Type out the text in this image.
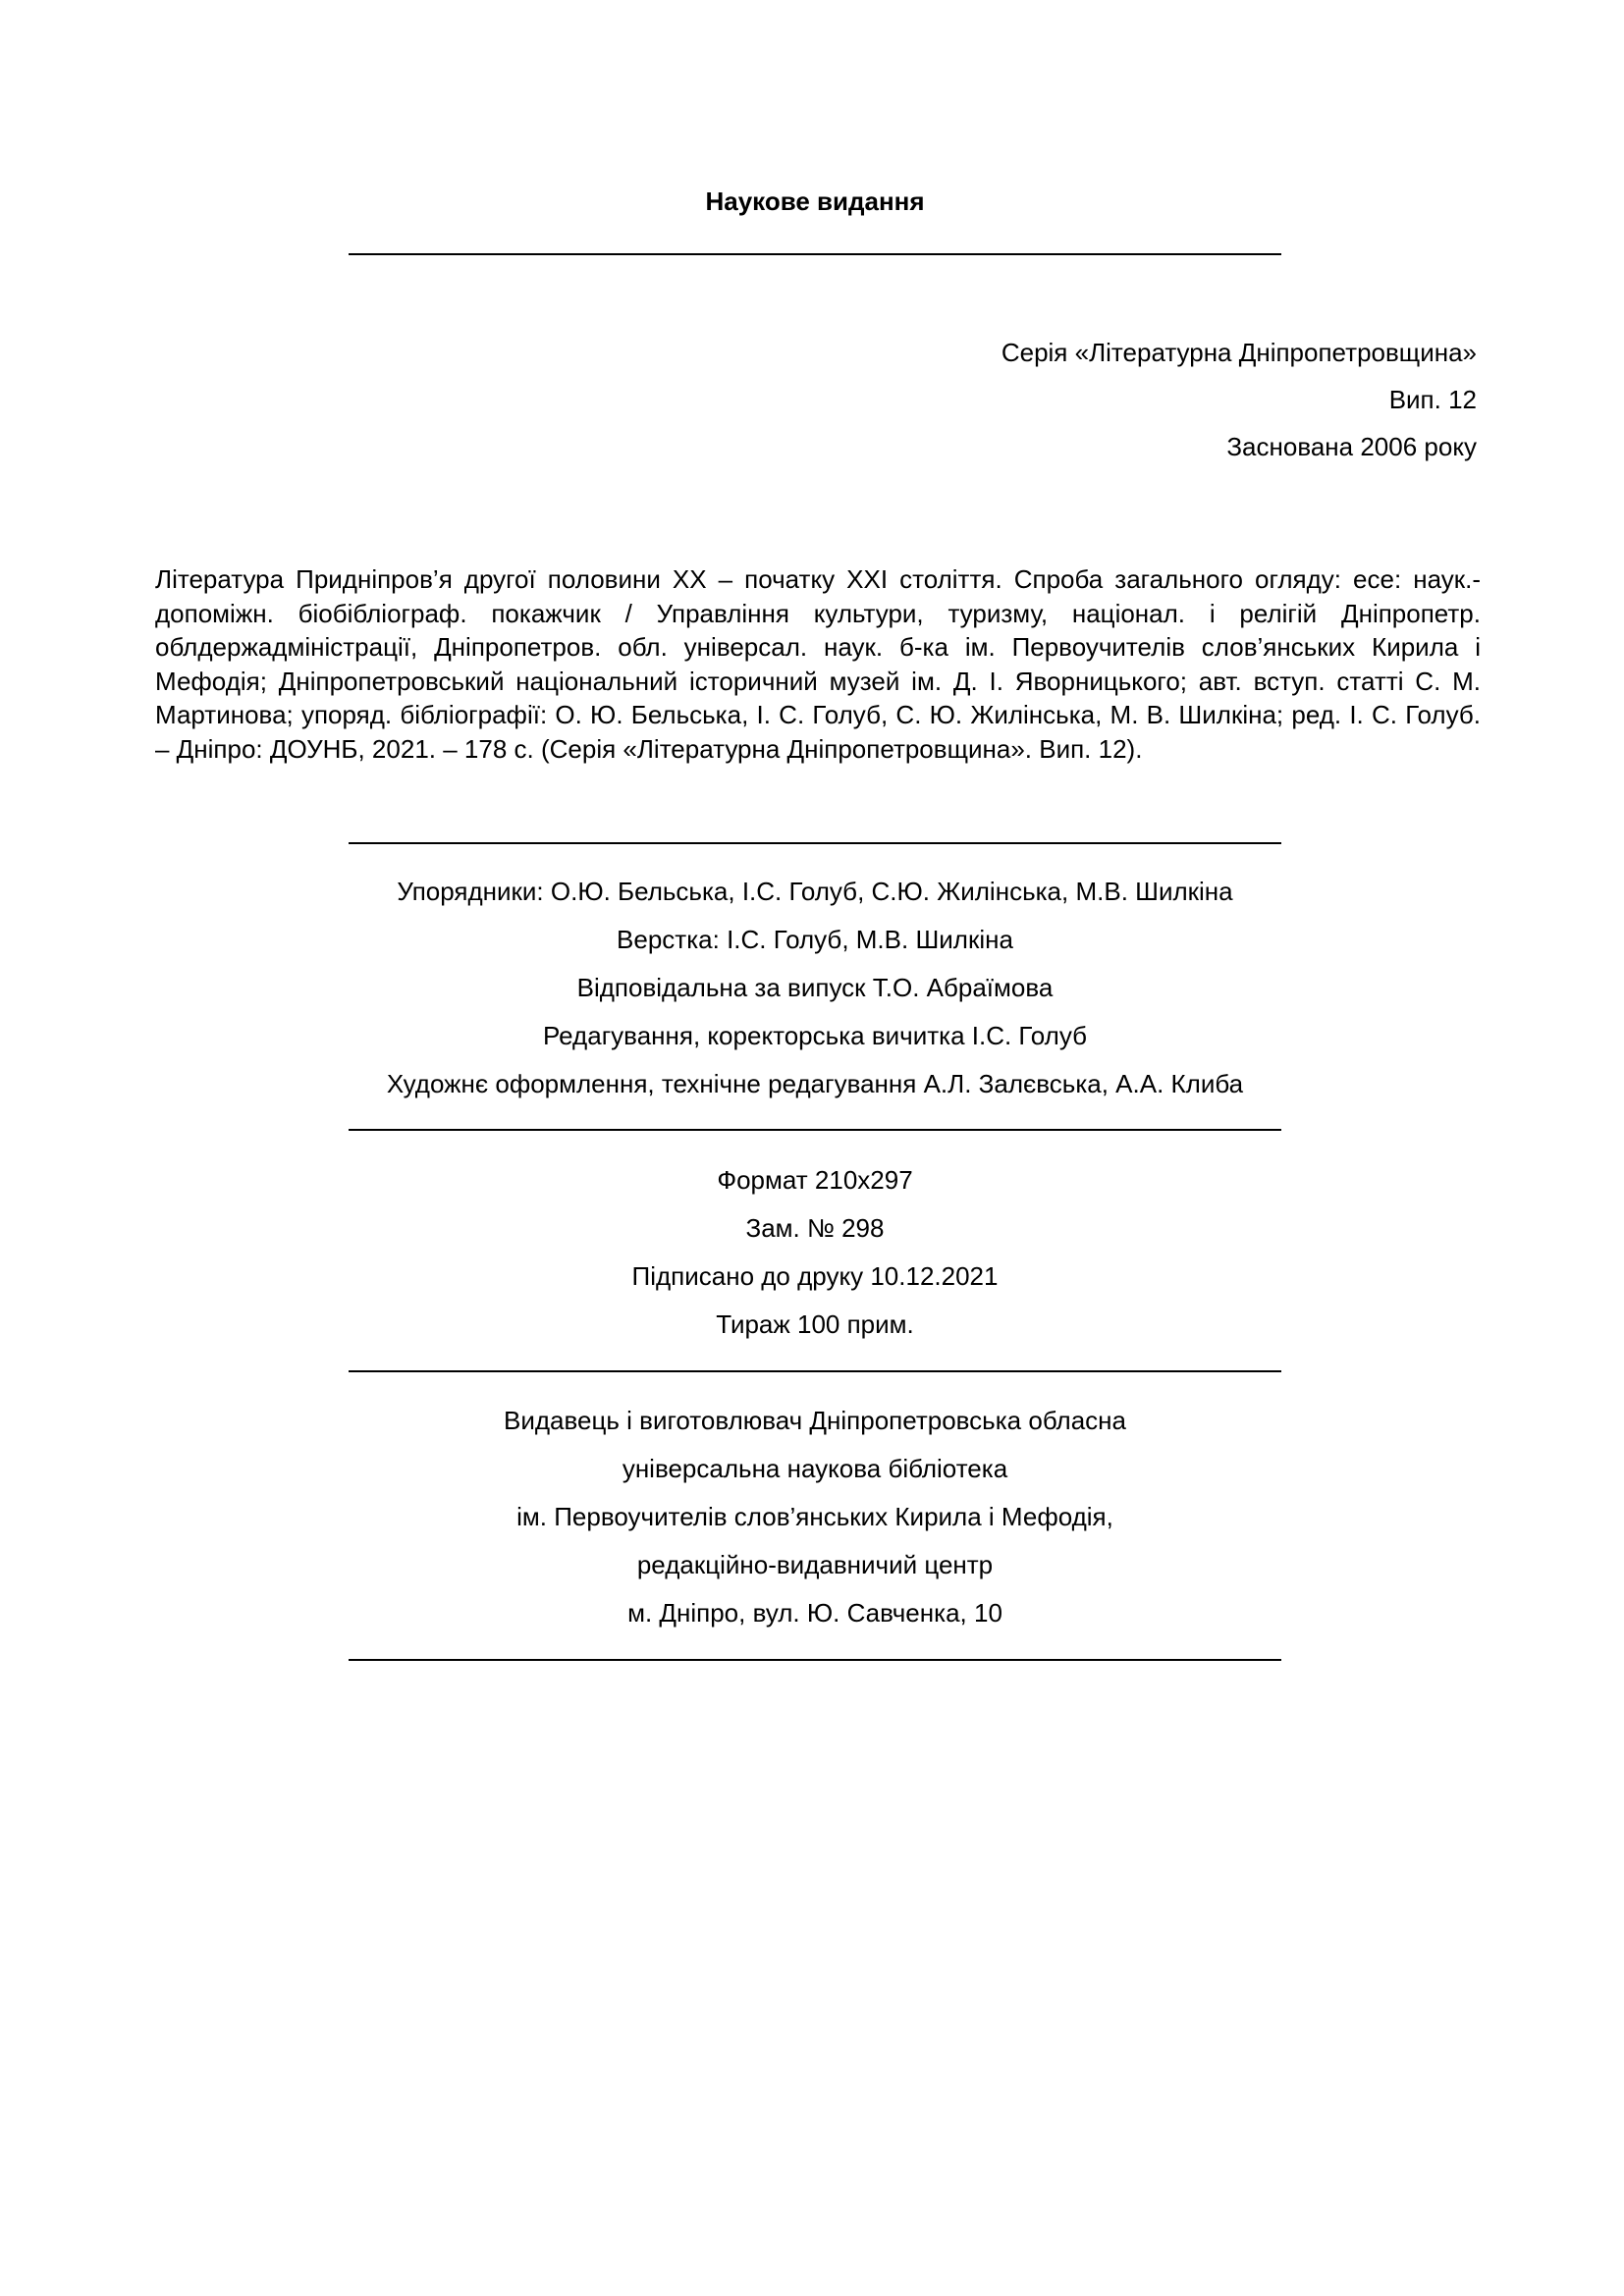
Наукове видання
Серія «Літературна Дніпропетровщина»
Вип. 12
Заснована 2006 року
Література Придніпров’я другої половини XX – початку XXI століття. Спроба загального огляду: есе: наук.-допоміжн. біобібліограф. покажчик / Управління культури, туризму, націонал. і релігій Дніпропетр. облдержадміністрації, Дніпропетров. обл. універсал. наук. б-ка ім. Первоучителів слов’янських Кирила і Мефодія; Дніпропетровський національний історичний музей ім. Д. І. Яворницького; авт. вступ. статті С. М. Мартинова; упоряд. бібліографії: О. Ю. Бельська, І. С. Голуб, С. Ю. Жилінська, М. В. Шилкіна; ред. І. С. Голуб. – Дніпро: ДОУНБ, 2021. – 178 с. (Серія «Літературна Дніпропетровщина». Вип. 12).
Упорядники: О.Ю. Бельська, І.С. Голуб, С.Ю. Жилінська, М.В. Шилкіна
Верстка: І.С. Голуб, М.В. Шилкіна
Відповідальна за випуск Т.О. Абраїмова
Редагування, коректорська вичитка І.С. Голуб
Художнє оформлення, технічне редагування А.Л. Залєвська, А.А. Клиба
Формат 210x297
Зам. № 298
Підписано до друку 10.12.2021
Тираж 100 прим.
Видавець і виготовлювач Дніпропетровська обласна
універсальна наукова бібліотека
ім. Первоучителів слов’янських Кирила і Мефодія,
редакційно-видавничий центр
м. Дніпро, вул. Ю. Савченка, 10
